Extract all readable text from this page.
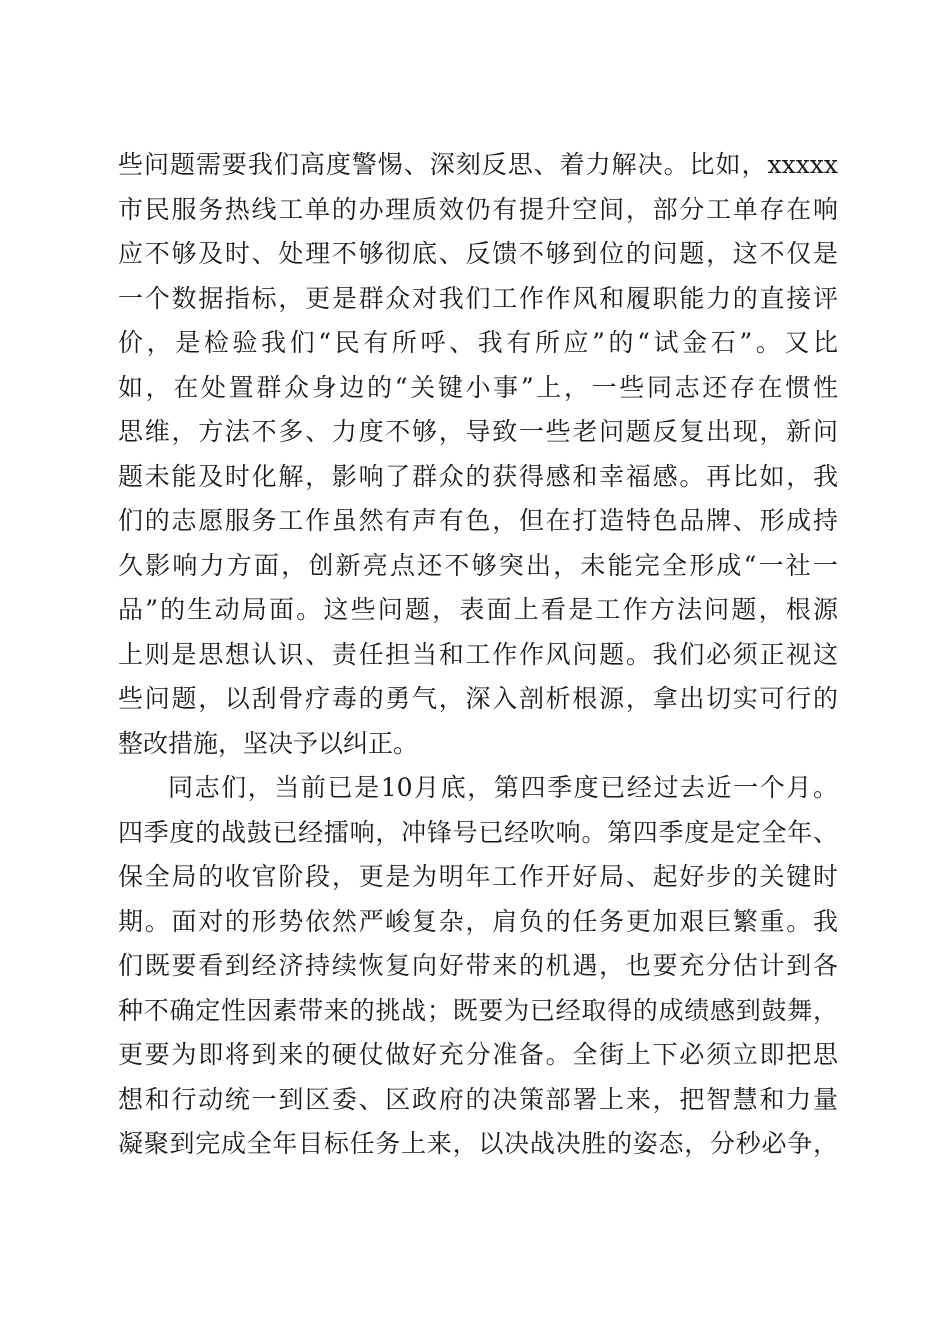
些问题需要我们高度警惕、深刻反思、着力解决。比如，xxxxx
市民服务热线工单的办理质效仍有提升空间，部分工单存在响
应不够及时、处理不够彻底、反馈不够到位的问题，这不仅是
一个数据指标，更是群众对我们工作作风和履职能力的直接评
价，是检验我们“民有所呼、我有所应”的“试金石”。又比
如，在处置群众身边的“关键小事”上，一些同志还存在惯性
思维，方法不多、力度不够，导致一些老问题反复出现，新问
题未能及时化解，影响了群众的获得感和幸福感。再比如，我
们的志愿服务工作虽然有声有色，但在打造特色品牌、形成持
久影响力方面，创新亮点还不够突出，未能完全形成“一社一
品”的生动局面。这些问题，表面上看是工作方法问题，根源
上则是思想认识、责任担当和工作作风问题。我们必须正视这
些问题，以刮骨疗毒的勇气，深入剖析根源，拿出切实可行的
整改措施，坚决予以纠正。
同志们，当前已是10月底，第四季度已经过去近一个月。
四季度的战鼓已经擂响，冲锋号已经吹响。第四季度是定全年、
保全局的收官阶段，更是为明年工作开好局、起好步的关键时
期。面对的形势依然严峻复杂，肩负的任务更加艰巨繁重。我
们既要看到经济持续恢复向好带来的机遇，也要充分估计到各
种不确定性因素带来的挑战；既要为已经取得的成绩感到鼓舞，
更要为即将到来的硬仗做好充分准备。全街上下必须立即把思
想和行动统一到区委、区政府的决策部署上来，把智慧和力量
凝聚到完成全年目标任务上来，以决战决胜的姿态，分秒必争，
